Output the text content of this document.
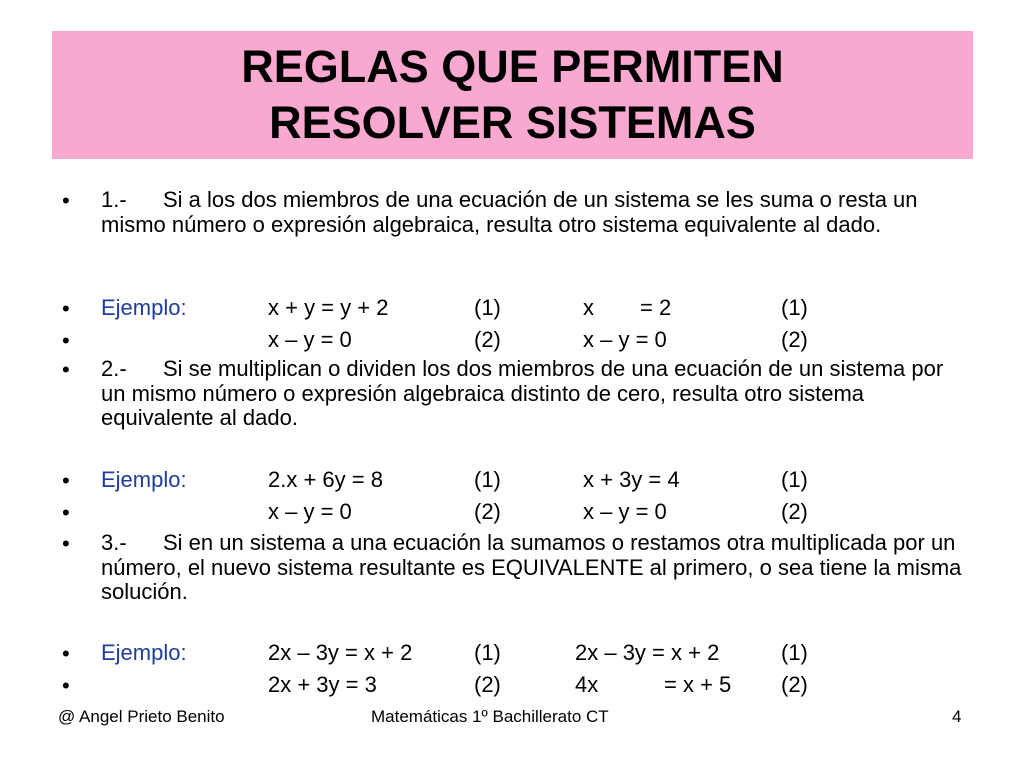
REGLAS QUE PERMITEN
RESOLVER SISTEMAS
• 1.- Si a los dos miembros de una ecuación de un sistema se les suma o resta un mismo número o expresión algebraica, resulta otro sistema equivalente al dado.
• Ejemplo:	x + y = y + 2	(1)	x = 2	(1)
•	x – y = 0	(2)	x – y = 0	(2)
• 2.- Si se multiplican o dividen los dos miembros de una ecuación de un sistema por un mismo número o expresión algebraica distinto de cero, resulta otro sistema equivalente al dado.
• Ejemplo:	2.x + 6y = 8	(1)	x + 3y = 4	(1)
•	x – y = 0	(2)	x – y = 0	(2)
• 3.- Si en un sistema a una ecuación la sumamos o restamos otra multiplicada por un número, el nuevo sistema resultante es EQUIVALENTE al primero, o sea tiene la misma solución.
• Ejemplo:	2x – 3y = x + 2	(1)	2x – 3y = x + 2	(1)
•	2x + 3y = 3	(2)	4x	= x + 5 (2)
@ Angel Prieto Benito	Matemáticas 1º Bachillerato CT	4
